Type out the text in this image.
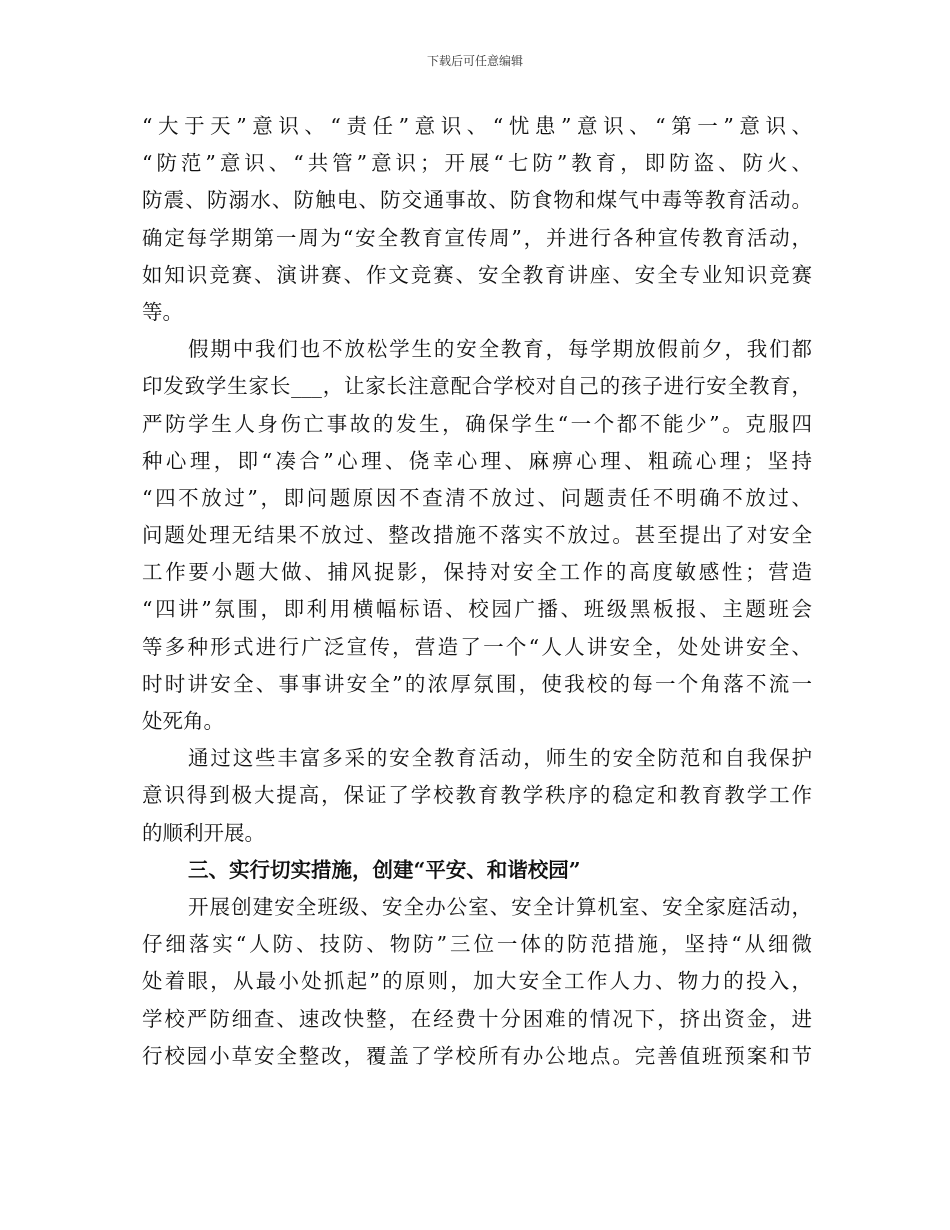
下载后可任意编辑
“大于天”意识、“责任”意识、“忧患”意识、“第一”意识、
“防范”意识、“共管”意识；开展“七防”教育，即防盗、防火、
防震、防溺水、防触电、防交通事故、防食物和煤气中毒等教育活动。
确定每学期第一周为“安全教育宣传周”，并进行各种宣传教育活动，
如知识竞赛、演讲赛、作文竞赛、安全教育讲座、安全专业知识竞赛
等。
假期中我们也不放松学生的安全教育，每学期放假前夕，我们都
印发致学生家长___，让家长注意配合学校对自己的孩子进行安全教育，
严防学生人身伤亡事故的发生，确保学生“一个都不能少”。克服四
种心理，即“凑合”心理、侥幸心理、麻痹心理、粗疏心理；坚持
“四不放过”，即问题原因不查清不放过、问题责任不明确不放过、
问题处理无结果不放过、整改措施不落实不放过。甚至提出了对安全
工作要小题大做、捕风捉影，保持对安全工作的高度敏感性；营造
“四讲”氛围，即利用横幅标语、校园广播、班级黑板报、主题班会
等多种形式进行广泛宣传，营造了一个“人人讲安全，处处讲安全、
时时讲安全、事事讲安全”的浓厚氛围，使我校的每一个角落不流一
处死角。
通过这些丰富多采的安全教育活动，师生的安全防范和自我保护
意识得到极大提高，保证了学校教育教学秩序的稳定和教育教学工作
的顺利开展。
三、实行切实措施，创建“平安、和谐校园”
开展创建安全班级、安全办公室、安全计算机室、安全家庭活动，
仔细落实“人防、技防、物防”三位一体的防范措施，坚持“从细微
处着眼，从最小处抓起”的原则，加大安全工作人力、物力的投入，
学校严防细查、速改快整，在经费十分困难的情况下，挤出资金，进
行校园小草安全整改，覆盖了学校所有办公地点。完善值班预案和节
